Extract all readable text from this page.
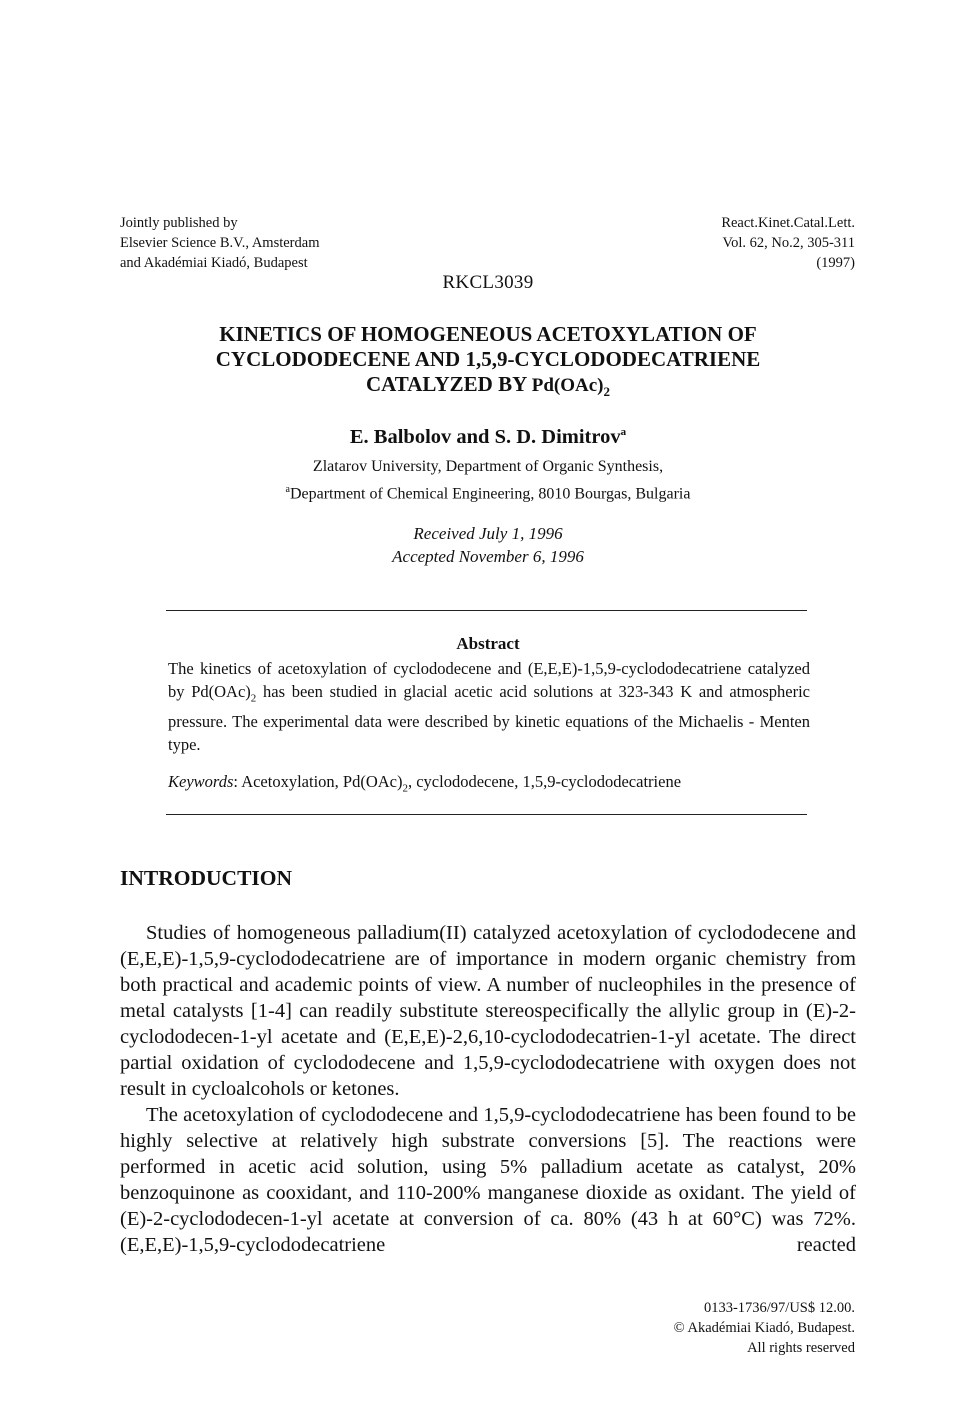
Jointly published by
Elsevier Science B.V., Amsterdam
and Akadémiai Kiadó, Budapest
React.Kinet.Catal.Lett.
Vol. 62, No.2, 305-311
(1997)
RKCL3039
KINETICS OF HOMOGENEOUS ACETOXYLATION OF
CYCLODODECENE AND 1,5,9-CYCLODODECATRIENE
CATALYZED BY $Pd(OAc)_2$
E. Balbolov and S. D. Dimitrov$^a$
Zlatarov University, Department of Organic Synthesis,
$^a$Department of Chemical Engineering, 8010 Bourgas, Bulgaria
Received July 1, 1996
Accepted November 6, 1996
Abstract
The kinetics of acetoxylation of cyclododecene and (E,E,E)-1,5,9-cyclododecatriene catalyzed by $Pd(OAc)_2$ has been studied in glacial acetic acid solutions at 323-343 K and atmospheric pressure. The experimental data were described by kinetic equations of the Michaelis - Menten type.
Keywords: Acetoxylation, $Pd(OAc)_2$, cyclododecene, 1,5,9-cyclododecatriene
INTRODUCTION

Studies of homogeneous palladium(II) catalyzed acetoxylation of cyclododecene and (E,E,E)-1,5,9-cyclododecatriene are of importance in modern organic chemistry from both practical and academic points of view. A number of nucleophiles in the presence of metal catalysts [1-4] can readily substitute stereospecifically the allylic group in (E)-2-cyclododecen-1-yl acetate and (E,E,E)-2,6,10-cyclododecatrien-1-yl acetate. The direct partial oxidation of cyclododecene and 1,5,9-cyclododecatriene with oxygen does not result in cycloalcohols or ketones.

The acetoxylation of cyclododecene and 1,5,9-cyclododecatriene has been found to be highly selective at relatively high substrate conversions [5]. The reactions were performed in acetic acid solution, using 5% palladium acetate as catalyst, 20% benzoquinone as cooxidant, and 110-200% manganese dioxide as oxidant. The yield of (E)-2-cyclododecen-1-yl acetate at conversion of ca. 80% (43 h at 60°C) was 72%. (E,E,E)-1,5,9-cyclododecatriene reacted

0133-1736/97/US$ 12.00.
© Akadémiai Kiadó, Budapest.
All rights reserved
